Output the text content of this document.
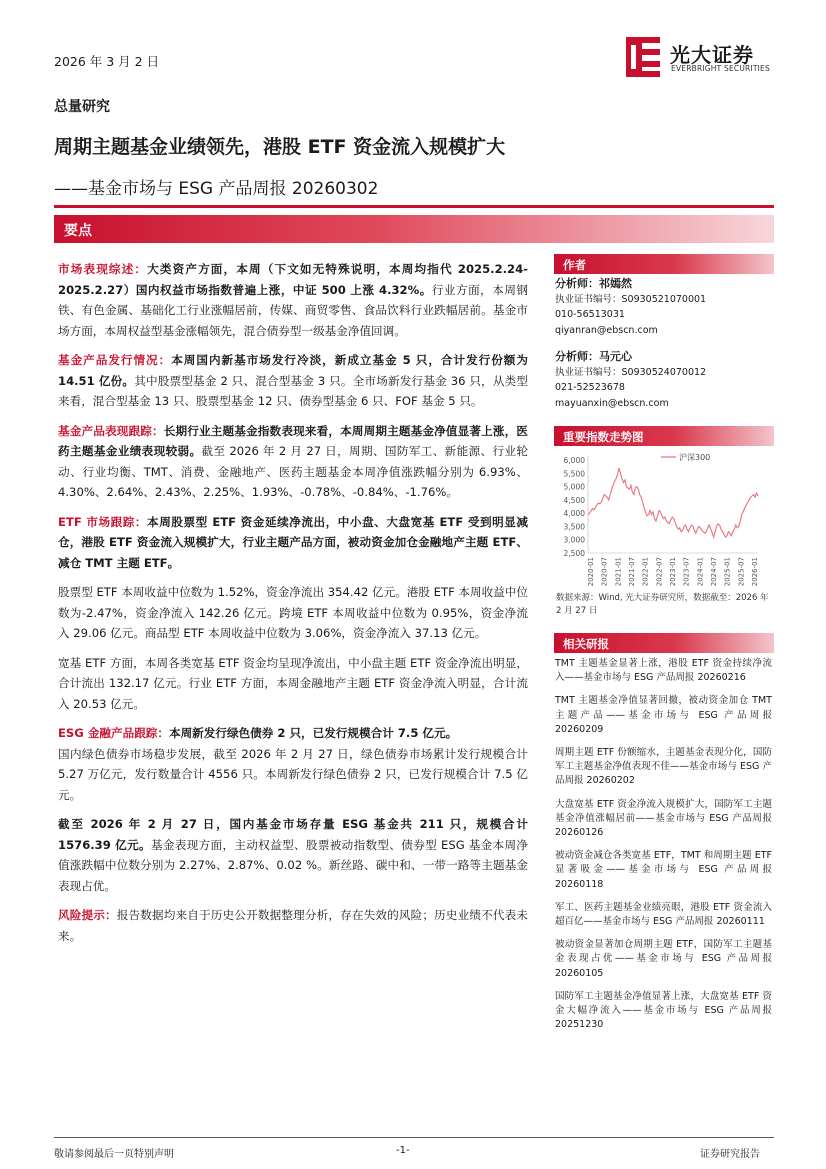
2026 年 3 月 2 日	光大证券
EVERBRIGHT SECURITIES
总量研究
周期主题基金业绩领先，港股 ETF 资金流入规模扩大
——基金市场与 ESG 产品周报 20260302
要点

市场表现综述：大类资产方面，本周（下文如无特殊说明，本周均指代 2025.2.24-2025.2.27）国内权益市场指数普遍上涨，中证 500 上涨 4.32%。行业方面，本周钢铁、有色金属、基础化工行业涨幅居前，传媒、商贸零售、食品饮料行业跌幅居前。基金市场方面，本周权益型基金涨幅领先，混合债券型一级基金净值回调。

基金产品发行情况：本周国内新基市场发行冷淡，新成立基金 5 只，合计发行份额为 14.51 亿份。其中股票型基金 2 只、混合型基金 3 只。全市场新发行基金 36 只，从类型来看，混合型基金 13 只、股票型基金 12 只、债券型基金 6 只、FOF 基金 5 只。

基金产品表现跟踪：长期行业主题基金指数表现来看，本周周期主题基金净值显著上涨，医药主题基金业绩表现较弱。截至 2026 年 2 月 27 日，周期、国防军工、新能源、行业轮动、行业均衡、TMT、消费、金融地产、医药主题基金本周净值涨跌幅分别为 6.93%、4.30%、2.64%、2.43%、2.25%、1.93%、-0.78%、-0.84%、-1.76%。

ETF 市场跟踪：本周股票型 ETF 资金延续净流出，中小盘、大盘宽基 ETF 受到明显减仓，港股 ETF 资金流入规模扩大，行业主题产品方面，被动资金加仓金融地产主题 ETF、减仓 TMT 主题 ETF。

股票型 ETF 本周收益中位数为 1.52%，资金净流出 354.42 亿元。港股 ETF 本周收益中位数为-2.47%，资金净流入 142.26 亿元。跨境 ETF 本周收益中位数为 0.95%，资金净流入 29.06 亿元。商品型 ETF 本周收益中位数为 3.06%，资金净流入 37.13 亿元。

宽基 ETF 方面，本周各类宽基 ETF 资金均呈现净流出，中小盘主题 ETF 资金净流出明显，合计流出 132.17 亿元。行业 ETF 方面，本周金融地产主题 ETF 资金净流入明显，合计流入 20.53 亿元。

ESG 金融产品跟踪：本周新发行绿色债券 2 只，已发行规模合计 7.5 亿元。

国内绿色债券市场稳步发展，截至 2026 年 2 月 27 日，绿色债券市场累计发行规模合计 5.27 万亿元，发行数量合计 4556 只。本周新发行绿色债券 2 只，已发行规模合计 7.5 亿元。

截至 2026 年 2 月 27 日，国内基金市场存量 ESG 基金共 211 只，规模合计 1576.39 亿元。基金表现方面，主动权益型、股票被动指数型、债券型 ESG 基金本周净值涨跌幅中位数分别为 2.27%、2.87%、0.02 %。新丝路、碳中和、一带一路等主题基金表现占优。

风险提示：报告数据均来自于历史公开数据整理分析，存在失效的风险；历史业绩不代表未来。

作者
分析师：祁嫣然
执业证书编号：S0930521070001
010-56513031
qiyanran@ebscn.com
分析师：马元心
执业证书编号：S0930524070012
021-52523678
mayuanxin@ebscn.com
重要指数走势图
6,000
5,500
5,000
4,500
4,000
3,500
3,000
2,500
2020-01 2020-07 2021-01 2021-07 2022-01 2022-07 2023-01 2023-07 2024-01 2024-07 2025-01 2025-07 2026-01
沪深300
数据来源：Wind, 光大证券研究所，数据截至：2026 年 2 月 27 日
相关研报
TMT 主题基金显著上涨，港股 ETF 资金持续净流入——基金市场与 ESG 产品周报 20260216
TMT 主题基金净值显著回撤，被动资金加仓 TMT 主题产品——基金市场与 ESG 产品周报 20260209
周期主题 ETF 份额缩水，主题基金表现分化，国防军工主题基金净值表现不佳——基金市场与 ESG 产品周报 20260202
大盘宽基 ETF 资金净流入规模扩大，国防军工主题基金净值涨幅居前——基金市场与 ESG 产品周报 20260126
被动资金减仓各类宽基 ETF，TMT 和周期主题 ETF 显著吸金——基金市场与 ESG 产品周报 20260118
军工、医药主题基金业绩亮眼，港股 ETF 资金流入超百亿——基金市场与 ESG 产品周报 20260111
被动资金显著加仓周期主题 ETF，国防军工主题基金表现占优——基金市场与 ESG 产品周报 20260105
国防军工主题基金净值显著上涨，大盘宽基 ETF 资金大幅净流入——基金市场与 ESG 产品周报 20251230
敬请参阅最后一页特别声明	-1-	证券研究报告
